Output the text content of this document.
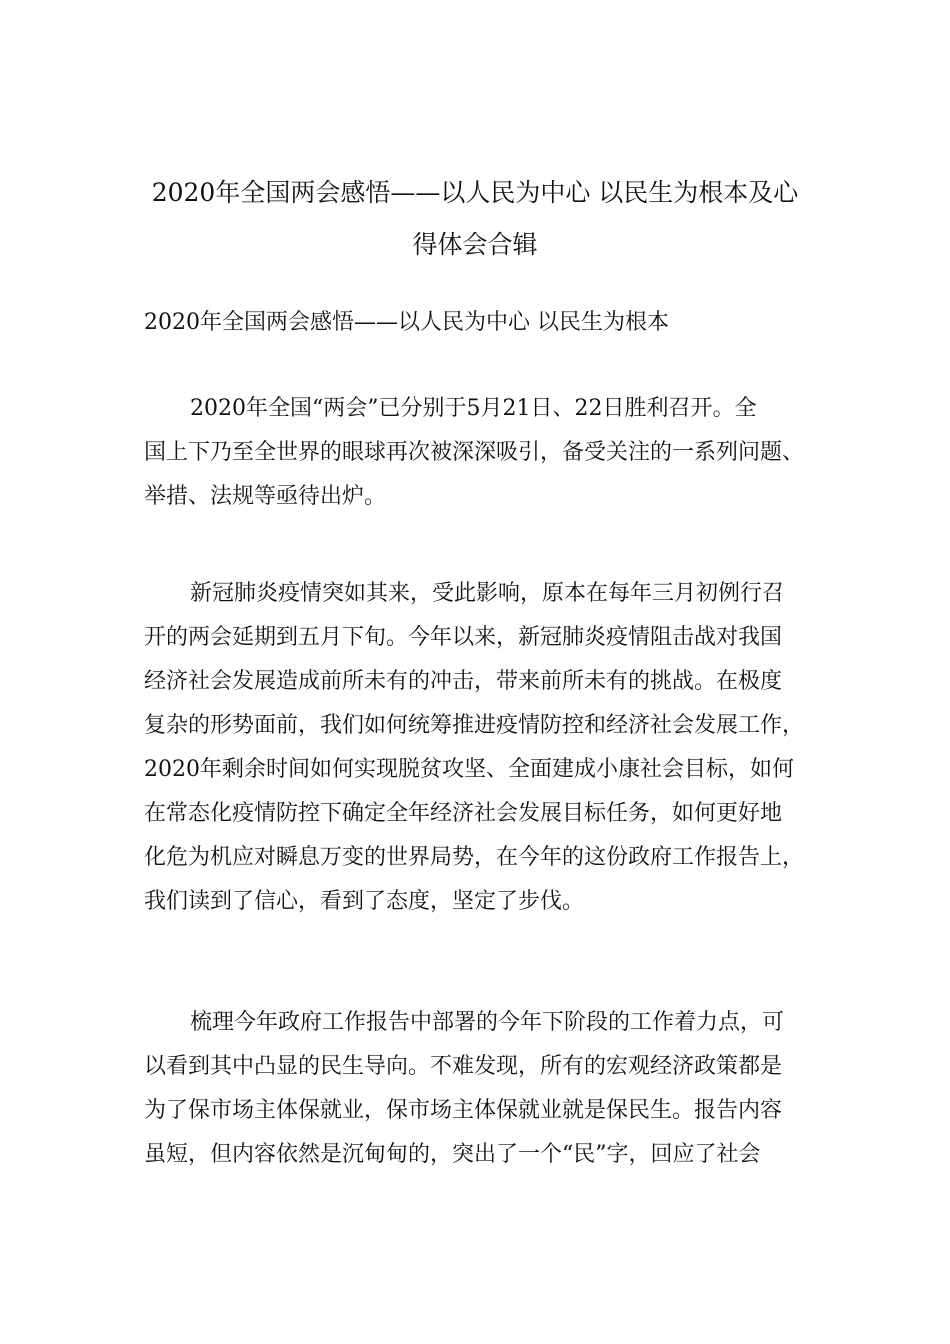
2020年全国两会感悟——以人民为中心 以民生为根本及心
得体会合辑
2020年全国两会感悟——以人民为中心 以民生为根本
2020年全国“两会”已分别于5月21日、22日胜利召开。全
国上下乃至全世界的眼球再次被深深吸引，备受关注的一系列问题、
举措、法规等亟待出炉。
新冠肺炎疫情突如其来，受此影响，原本在每年三月初例行召
开的两会延期到五月下旬。今年以来，新冠肺炎疫情阻击战对我国
经济社会发展造成前所未有的冲击，带来前所未有的挑战。在极度
复杂的形势面前，我们如何统筹推进疫情防控和经济社会发展工作，
2020年剩余时间如何实现脱贫攻坚、全面建成小康社会目标，如何
在常态化疫情防控下确定全年经济社会发展目标任务，如何更好地
化危为机应对瞬息万变的世界局势，在今年的这份政府工作报告上，
我们读到了信心，看到了态度，坚定了步伐。
梳理今年政府工作报告中部署的今年下阶段的工作着力点，可
以看到其中凸显的民生导向。不难发现，所有的宏观经济政策都是
为了保市场主体保就业，保市场主体保就业就是保民生。报告内容
虽短，但内容依然是沉甸甸的，突出了一个“民”字，回应了社会
